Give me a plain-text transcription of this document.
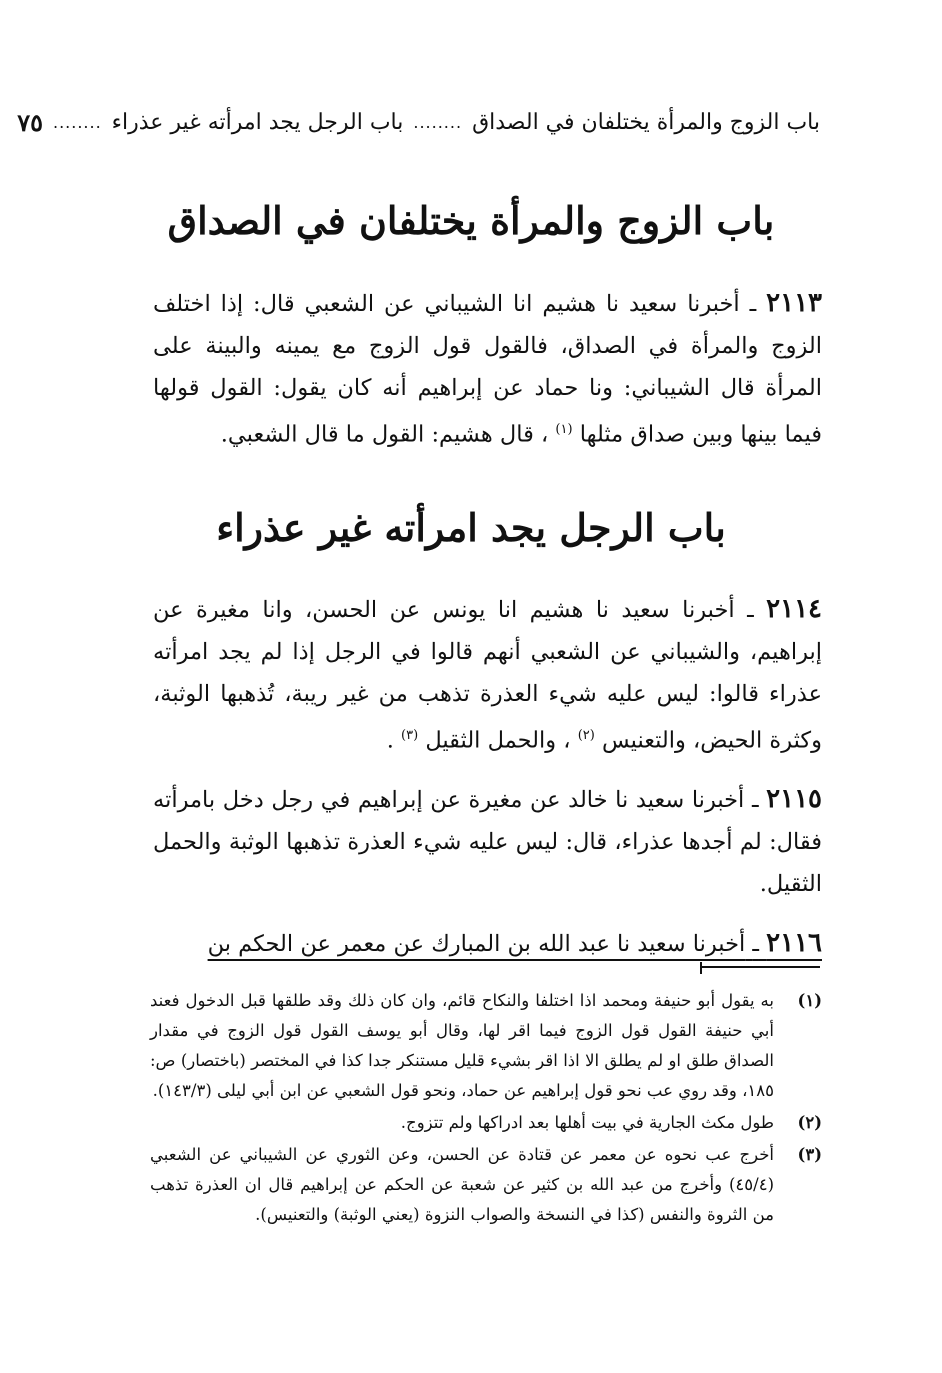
باب الزوج والمرأة يختلفان في الصداق
........
باب الرجل يجد امرأته غير عذراء
........
٧٥
باب الزوج والمرأة يختلفان في الصداق
٢١١٣ ـ أخبرنا سعيد نا هشيم انا الشيباني عن الشعبي قال: إذا اختلف الزوج والمرأة في الصداق، فالقول قول الزوج مع يمينه والبينة على المرأة قال الشيباني: ونا حماد عن إبراهيم أنه كان يقول: القول قولها فيما بينها وبين صداق مثلها $^{(١)}$ ، قال هشيم: القول ما قال الشعبي.
باب الرجل يجد امرأته غير عذراء
٢١١٤ ـ أخبرنا سعيد نا هشيم انا يونس عن الحسن، وانا مغيرة عن إبراهيم، والشيباني عن الشعبي أنهم قالوا في الرجل إذا لم يجد امرأته عذراء قالوا: ليس عليه شيء العذرة تذهب من غير ريبة، تُذهبها الوثبة، وكثرة الحيض، والتعنيس $^{(٢)}$ ، والحمل الثقيل $^{(٣)}$ .
٢١١٥ ـ أخبرنا سعيد نا خالد عن مغيرة عن إبراهيم في رجل دخل بامرأته فقال: لم أجدها عذراء، قال: ليس عليه شيء العذرة تذهبها الوثبة والحمل الثقيل.
٢١١٦ ـ أخبرنا سعيد نا عبد الله بن المبارك عن معمر عن الحكم بن
(١)
به يقول أبو حنيفة ومحمد اذا اختلفا والنكاح قائم، وان كان ذلك وقد طلقها قبل الدخول فعند أبي حنيفة القول قول الزوج فيما اقر لها، وقال أبو يوسف القول قول الزوج في مقدار الصداق طلق او لم يطلق الا اذا اقر بشيء قليل مستنكر جدا كذا في المختصر (باختصار) ص: ١٨٥، وقد روي عب نحو قول إبراهيم عن حماد، ونحو قول الشعبي عن ابن أبي ليلى (١٤٣/٣).
(٢)
طول مكث الجارية في بيت أهلها بعد ادراكها ولم تتزوج.
(٣)
أخرج عب نحوه عن معمر عن قتادة عن الحسن، وعن الثوري عن الشيباني عن الشعبي (٤٥/٤) وأخرج من عبد الله بن كثير عن شعبة عن الحكم عن إبراهيم قال ان العذرة تذهب من الثروة والنفس (كذا في النسخة والصواب النزوة (يعني الوثبة) والتعنيس).
